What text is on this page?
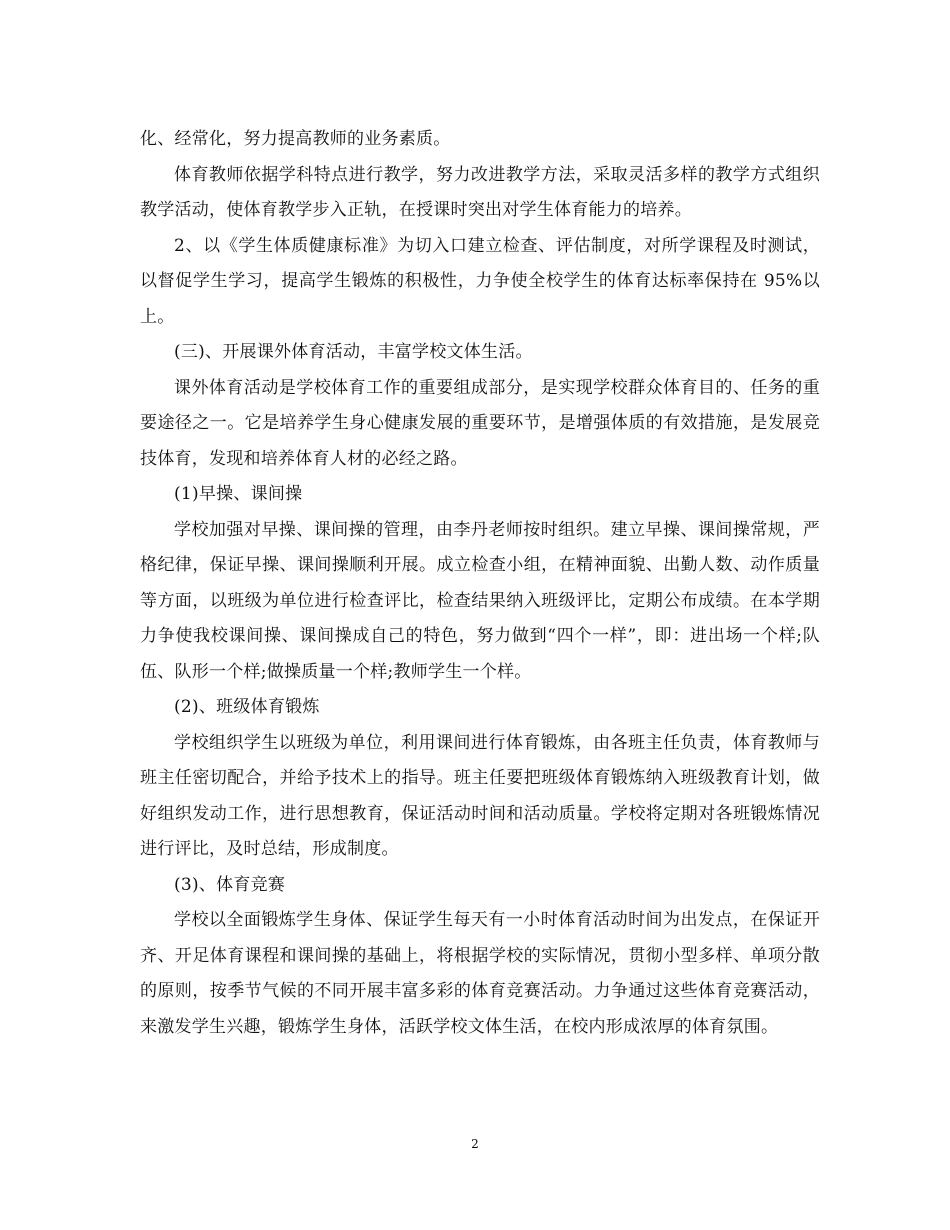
化、经常化，努力提高教师的业务素质。

体育教师依据学科特点进行教学，努力改进教学方法，采取灵活多样的教学方式组织教学活动，使体育教学步入正轨，在授课时突出对学生体育能力的培养。

2、以《学生体质健康标准》为切入口建立检查、评估制度，对所学课程及时测试，以督促学生学习，提高学生锻炼的积极性，力争使全校学生的体育达标率保持在 95%以上。

(三)、开展课外体育活动，丰富学校文体生活。

课外体育活动是学校体育工作的重要组成部分，是实现学校群众体育目的、任务的重要途径之一。它是培养学生身心健康发展的重要环节，是增强体质的有效措施，是发展竞技体育，发现和培养体育人材的必经之路。

(1)早操、课间操

学校加强对早操、课间操的管理，由李丹老师按时组织。建立早操、课间操常规，严格纪律，保证早操、课间操顺利开展。成立检查小组，在精神面貌、出勤人数、动作质量等方面，以班级为单位进行检查评比，检查结果纳入班级评比，定期公布成绩。在本学期力争使我校课间操、课间操成自己的特色，努力做到“四个一样”，即：进出场一个样;队伍、队形一个样;做操质量一个样;教师学生一个样。

(2)、班级体育锻炼

学校组织学生以班级为单位，利用课间进行体育锻炼，由各班主任负责，体育教师与班主任密切配合，并给予技术上的指导。班主任要把班级体育锻炼纳入班级教育计划，做好组织发动工作，进行思想教育，保证活动时间和活动质量。学校将定期对各班锻炼情况进行评比，及时总结，形成制度。

(3)、体育竞赛

学校以全面锻炼学生身体、保证学生每天有一小时体育活动时间为出发点，在保证开齐、开足体育课程和课间操的基础上，将根据学校的实际情况，贯彻小型多样、单项分散的原则，按季节气候的不同开展丰富多彩的体育竞赛活动。力争通过这些体育竞赛活动，来激发学生兴趣，锻炼学生身体，活跃学校文体生活，在校内形成浓厚的体育氛围。

2
